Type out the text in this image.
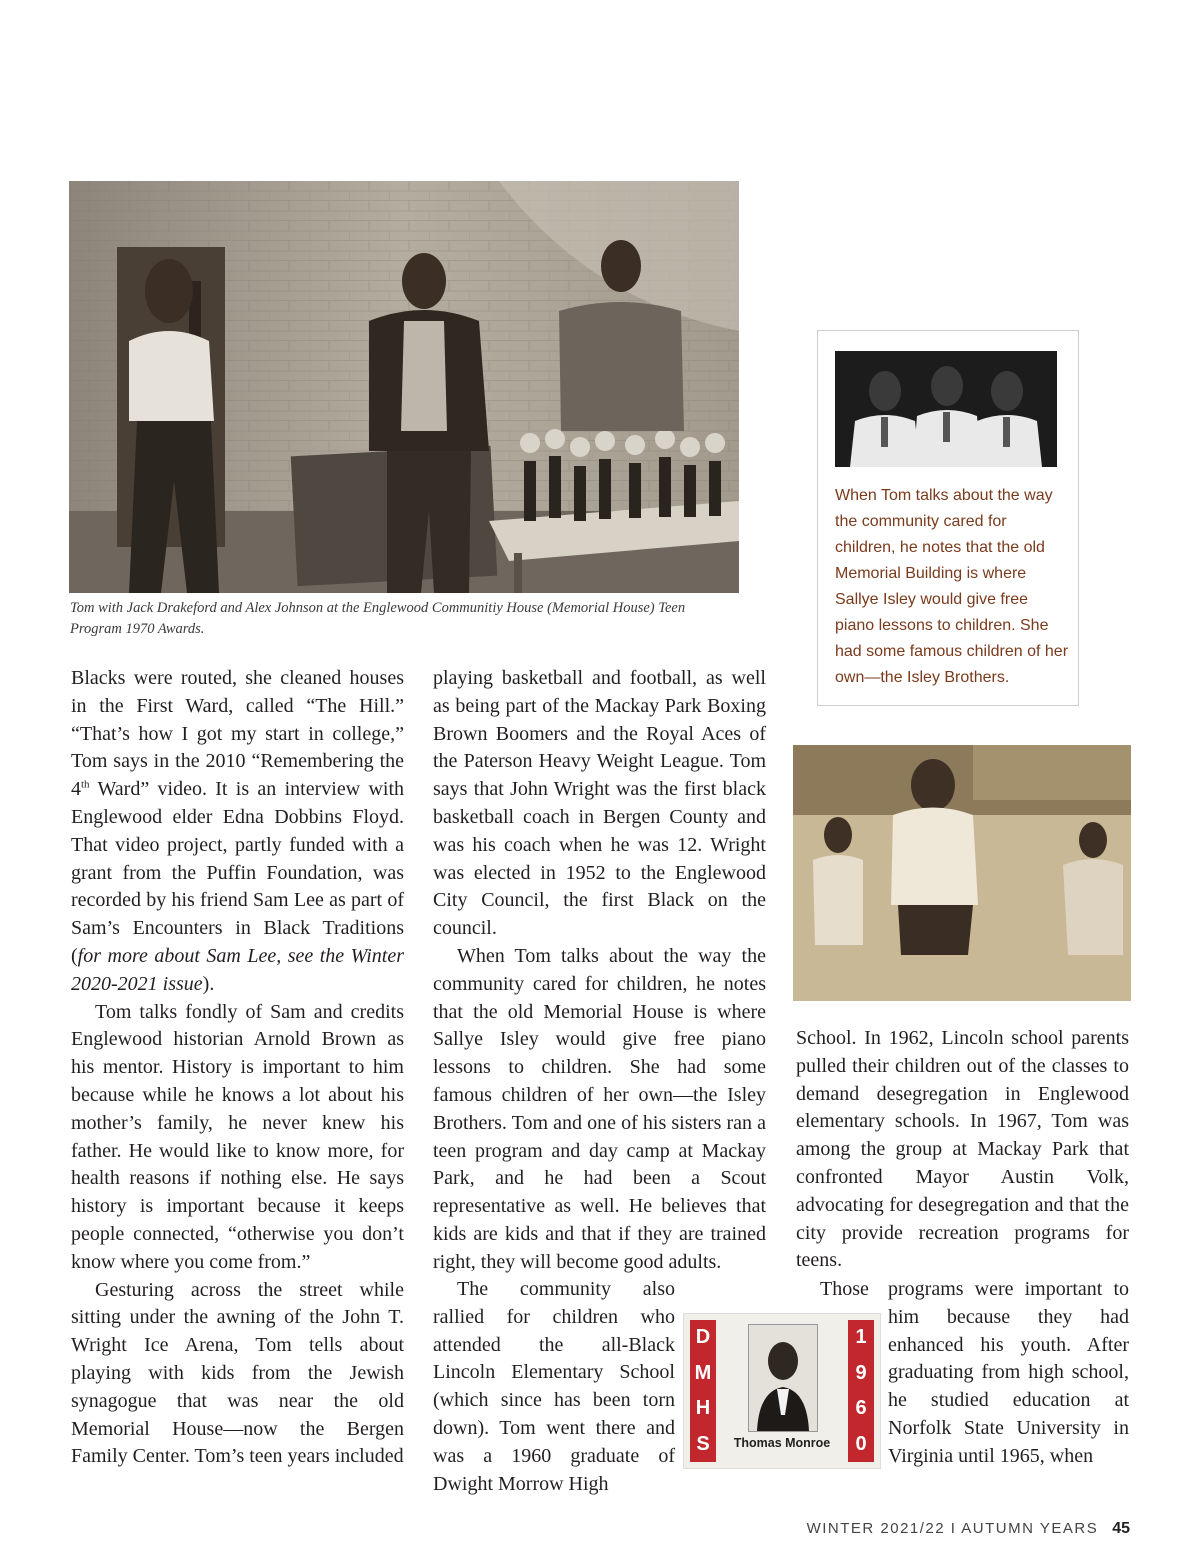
Tom with Jack Drakeford and Alex Johnson at the Englewood Communitiy House (Memorial House) Teen Program 1970 Awards.
When Tom talks about the way the community cared for children, he notes that the old Memorial Building is where Sallye Isley would give free piano lessons to children. She had some famous children of her own—the Isley Brothers.

Blacks were routed, she cleaned houses in the First Ward, called “The Hill.” “That’s how I got my start in college,” Tom says in the 2010 “Remembering the 4th Ward” video. It is an interview with Englewood elder Edna Dobbins Floyd. That video project, partly funded with a grant from the Puffin Foundation, was recorded by his friend Sam Lee as part of Sam’s Encounters in Black Traditions (for more about Sam Lee, see the Winter 2020-2021 issue).

Tom talks fondly of Sam and credits Englewood historian Arnold Brown as his mentor. History is important to him because while he knows a lot about his mother’s family, he never knew his father. He would like to know more, for health reasons if nothing else. He says history is important because it keeps people connected, “otherwise you don’t know where you come from.”

Gesturing across the street while sitting under the awning of the John T. Wright Ice Arena, Tom tells about playing with kids from the Jewish synagogue that was near the old Memorial House—now the Bergen Family Center. Tom’s teen years included

playing basketball and football, as well as being part of the Mackay Park Boxing Brown Boomers and the Royal Aces of the Paterson Heavy Weight League. Tom says that John Wright was the first black basketball coach in Bergen County and was his coach when he was 12. Wright was elected in 1952 to the Englewood City Council, the first Black on the council.

When Tom talks about the way the community cared for children, he notes that the old Memorial House is where Sallye Isley would give free piano lessons to children. She had some famous children of her own—the Isley Brothers. Tom and one of his sisters ran a teen program and day camp at Mackay Park, and he had been a Scout representative as well. He believes that kids are kids and that if they are trained right, they will become good adults.

The community also rallied for children who attended the all-Black Lincoln Elementary School (which since has been torn down). Tom went there and was a 1960 graduate of Dwight Morrow High

D
M
H
S
1
9
6
0
Thomas Monroe

School. In 1962, Lincoln school parents pulled their children out of the classes to demand desegregation in Englewood elementary schools. In 1967, Tom was among the group at Mackay Park that confronted Mayor Austin Volk, advocating for desegregation and that the city provide recreation programs for teens.

Those programs were important to him because they had enhanced his youth. After graduating from high school, he studied education at Norfolk State University in Virginia until 1965, when

WINTER 2021/22 I AUTUMN YEARS 45
